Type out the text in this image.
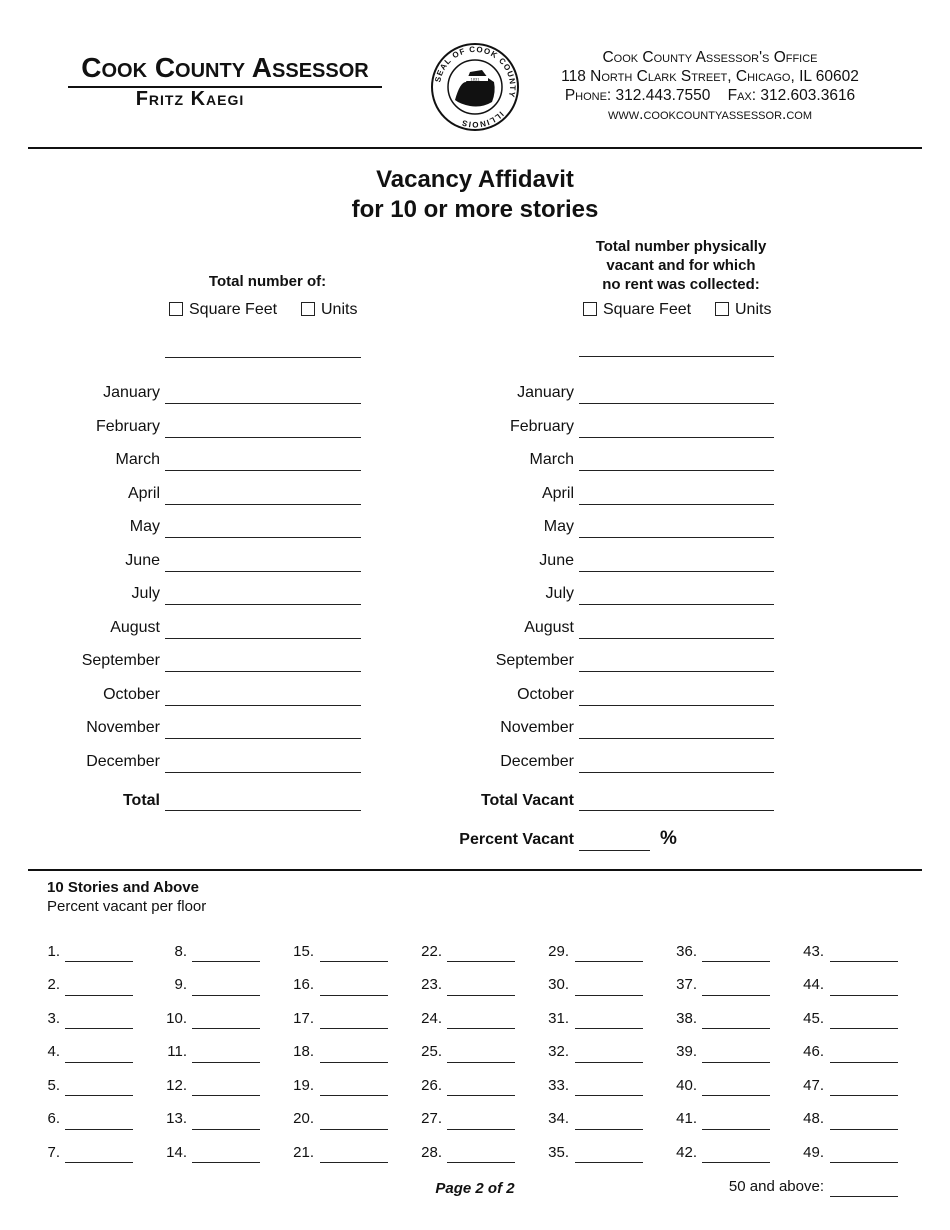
Cook County Assessor
Fritz Kaegi
SEAL OF COOK COUNTY
ILLINOIS
1831
Cook County Assessor's Office
118 North Clark Street, Chicago, IL 60602
Phone: 312.443.7550 Fax: 312.603.3616
www.cookcountyassessor.com
Vacancy Affidavit
for 10 or more stories
Total number of:
Square Feet	Units
Total number physically
vacant and for which
no rent was collected:
Square Feet	Units
January
February
March
April
May
June
July
August
September
October
November
December
Total
January
February
March
April
May
June
July
August
September
October
November
December
Total Vacant
Percent Vacant	%
10 Stories and Above
Percent vacant per floor
1.
2.
3.
4.
5.
6.
7.
8.
9.
10.
11.
12.
13.
14.
15.
16.
17.
18.
19.
20.
21.
22.
23.
24.
25.
26.
27.
28.
29.
30.
31.
32.
33.
34.
35.
36.
37.
38.
39.
40.
41.
42.
43.
44.
45.
46.
47.
48.
49.
50 and above:
Page 2 of 2
